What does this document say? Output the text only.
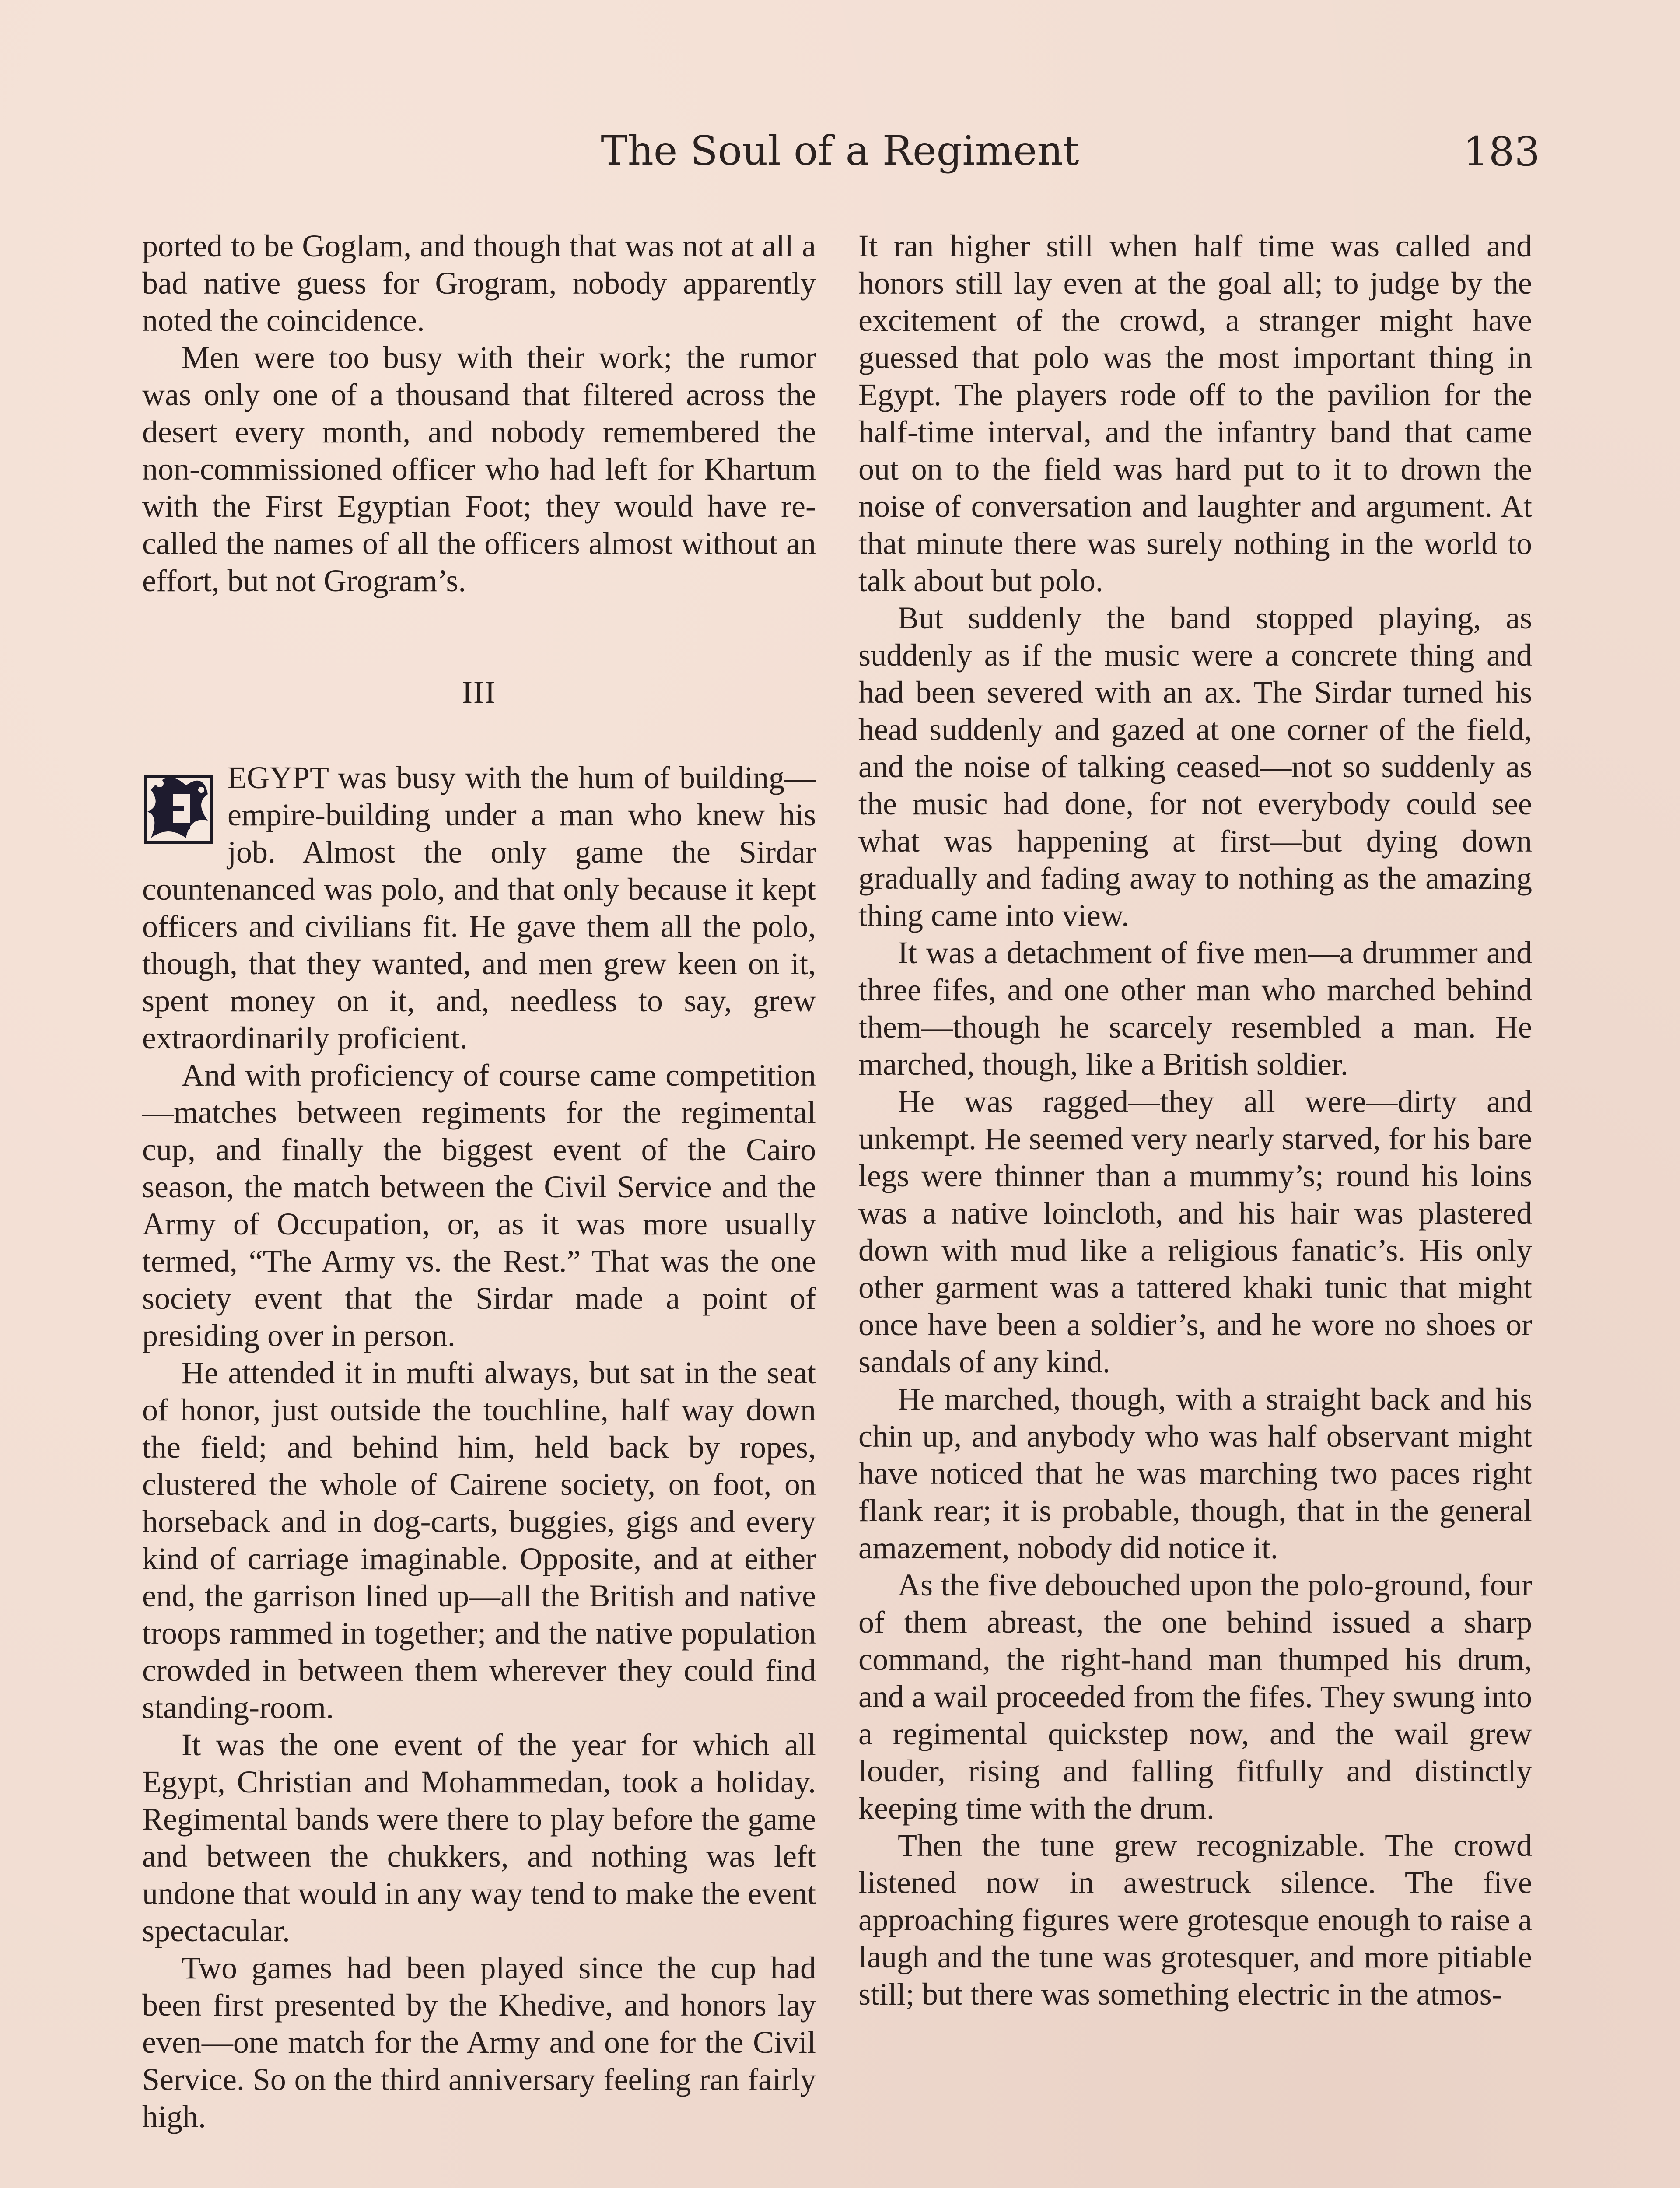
The Soul of a Regiment	183

ported to be Goglam, and though that was not at all a bad native guess for Grogram, nobody apparently noted the coincidence.

Men were too busy with their work; the rumor was only one of a thousand that filtered across the desert every month, and nobody remembered the non-commissioned officer who had left for Khartum with the First Egyptian Foot; they would have recalled the names of all the officers almost without an effort, but not Grogram’s.

III

EGYPT was busy with the hum of building—empire-building under a man who knew his job. Almost the only game the Sirdar countenanced was polo, and that only because it kept officers and civilians fit. He gave them all the polo, though, that they wanted, and men grew keen on it, spent money on it, and, needless to say, grew extraordinarily proficient.

And with proficiency of course came competition—matches between regiments for the regimental cup, and finally the biggest event of the Cairo season, the match between the Civil Service and the Army of Occupation, or, as it was more usually termed, “The Army vs. the Rest.” That was the one society event that the Sirdar made a point of presiding over in person.

He attended it in mufti always, but sat in the seat of honor, just outside the touchline, half way down the field; and behind him, held back by ropes, clustered the whole of Cairene society, on foot, on horseback and in dog-carts, buggies, gigs and every kind of carriage imaginable. Opposite, and at either end, the garrison lined up—all the British and native troops rammed in together; and the native population crowded in between them wherever they could find standing-room.

It was the one event of the year for which all Egypt, Christian and Mohammedan, took a holiday. Regimental bands were there to play before the game and between the chukkers, and nothing was left undone that would in any way tend to make the event spectacular.

Two games had been played since the cup had been first presented by the Khedive, and honors lay even—one match for the Army and one for the Civil Service. So on the third anniversary feeling ran fairly high.

It ran higher still when half time was called and honors still lay even at the goal all; to judge by the excitement of the crowd, a stranger might have guessed that polo was the most important thing in Egypt. The players rode off to the pavilion for the half-time interval, and the infantry band that came out on to the field was hard put to it to drown the noise of conversation and laughter and argument. At that minute there was surely nothing in the world to talk about but polo.

But suddenly the band stopped playing, as suddenly as if the music were a concrete thing and had been severed with an ax. The Sirdar turned his head suddenly and gazed at one corner of the field, and the noise of talking ceased—not so suddenly as the music had done, for not everybody could see what was happening at first—but dying down gradually and fading away to nothing as the amazing thing came into view.

It was a detachment of five men—a drummer and three fifes, and one other man who marched behind them—though he scarcely resembled a man. He marched, though, like a British soldier.

He was ragged—they all were—dirty and unkempt. He seemed very nearly starved, for his bare legs were thinner than a mummy’s; round his loins was a native loincloth, and his hair was plastered down with mud like a religious fanatic’s. His only other garment was a tattered khaki tunic that might once have been a soldier’s, and he wore no shoes or sandals of any kind.

He marched, though, with a straight back and his chin up, and anybody who was half observant might have noticed that he was marching two paces right flank rear; it is probable, though, that in the general amazement, nobody did notice it.

As the five debouched upon the polo-ground, four of them abreast, the one behind issued a sharp command, the right-hand man thumped his drum, and a wail proceeded from the fifes. They swung into a regimental quickstep now, and the wail grew louder, rising and falling fitfully and distinctly keeping time with the drum.

Then the tune grew recognizable. The crowd listened now in awestruck silence. The five approaching figures were grotesque enough to raise a laugh and the tune was grotesquer, and more pitiable still; but there was something electric in the atmos-
